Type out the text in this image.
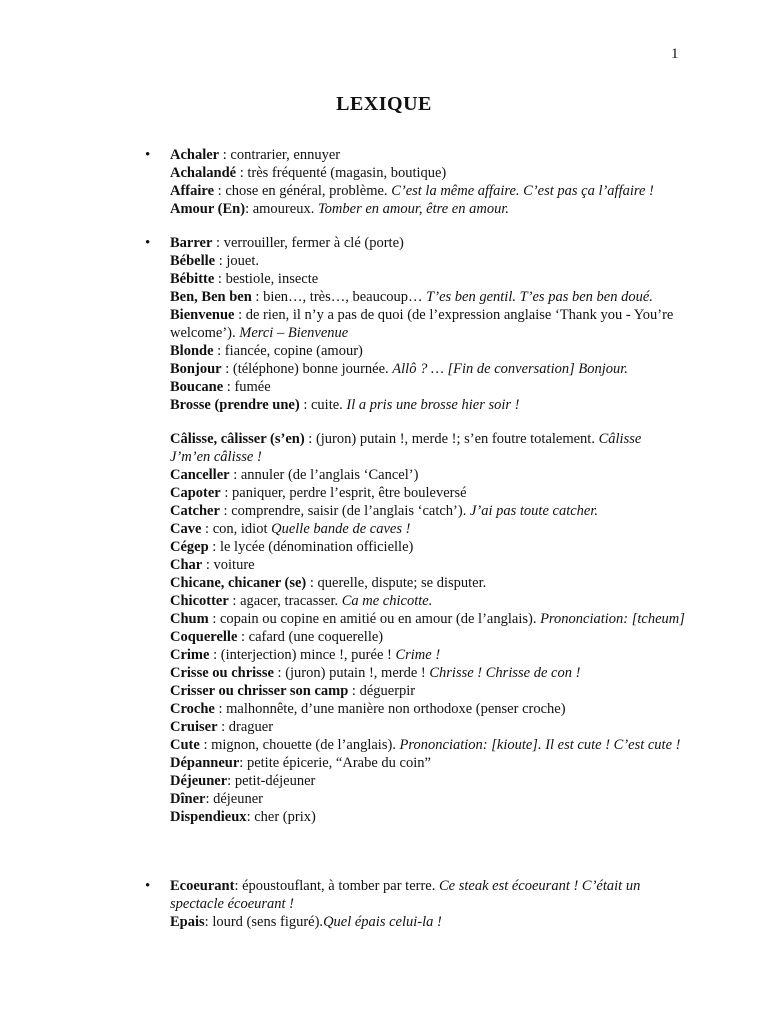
1
LEXIQUE
• Achaler : contrarier, ennuyer
Achalandé : très fréquenté (magasin, boutique)
Affaire : chose en général, problème. C’est la même affaire. C’est pas ça l’affaire !
Amour (En): amoureux. Tomber en amour, être en amour.
• Barrer : verrouiller, fermer à clé (porte)
Bébelle : jouet.
Bébitte : bestiole, insecte
Ben, Ben ben : bien…, très…, beaucoup… T’es ben gentil. T’es pas ben ben doué.
Bienvenue : de rien, il n’y a pas de quoi (de l’expression anglaise ‘Thank you - You’re welcome’). Merci – Bienvenue
Blonde : fiancée, copine (amour)
Bonjour : (téléphone) bonne journée. Allô ? … [Fin de conversation] Bonjour.
Boucane : fumée
Brosse (prendre une) : cuite. Il a pris une brosse hier soir !
Câlisse, câlisser (s’en) : (juron) putain !, merde !; s’en foutre totalement. Câlisse J’m’en câlisse !
Canceller : annuler (de l’anglais ‘Cancel’)
Capoter : paniquer, perdre l’esprit, être bouleversé
Catcher : comprendre, saisir (de l’anglais ‘catch’). J’ai pas toute catcher.
Cave : con, idiot Quelle bande de caves !
Cégep : le lycée (dénomination officielle)
Char : voiture
Chicane, chicaner (se) : querelle, dispute; se disputer.
Chicotter : agacer, tracasser. Ca me chicotte.
Chum : copain ou copine en amitié ou en amour (de l’anglais). Prononciation: [tcheum]
Coquerelle : cafard (une coquerelle)
Crime : (interjection) mince !, purée ! Crime !
Crisse ou chrisse : (juron) putain !, merde ! Chrisse ! Chrisse de con !
Crisser ou chrisser son camp : déguerpir
Croche : malhonnête, d’une manière non orthodoxe (penser croche)
Cruiser : draguer
Cute : mignon, chouette (de l’anglais). Prononciation: [kioute]. Il est cute ! C’est cute !
Dépanneur: petite épicerie, “Arabe du coin”
Déjeuner: petit-déjeuner
Dîner: déjeuner
Dispendieux: cher (prix)
• Ecoeurant: époustouflant, à tomber par terre. Ce steak est écoeurant ! C’était un spectacle écoeurant !
Epais: lourd (sens figuré).Quel épais celui-la !
